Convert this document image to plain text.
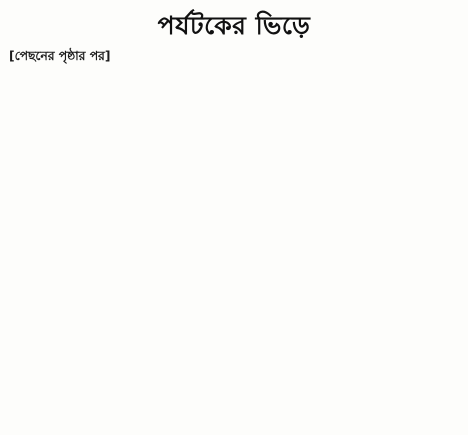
পর্যটকের ভিড়ে
[পেছনের পৃষ্ঠার পর]
